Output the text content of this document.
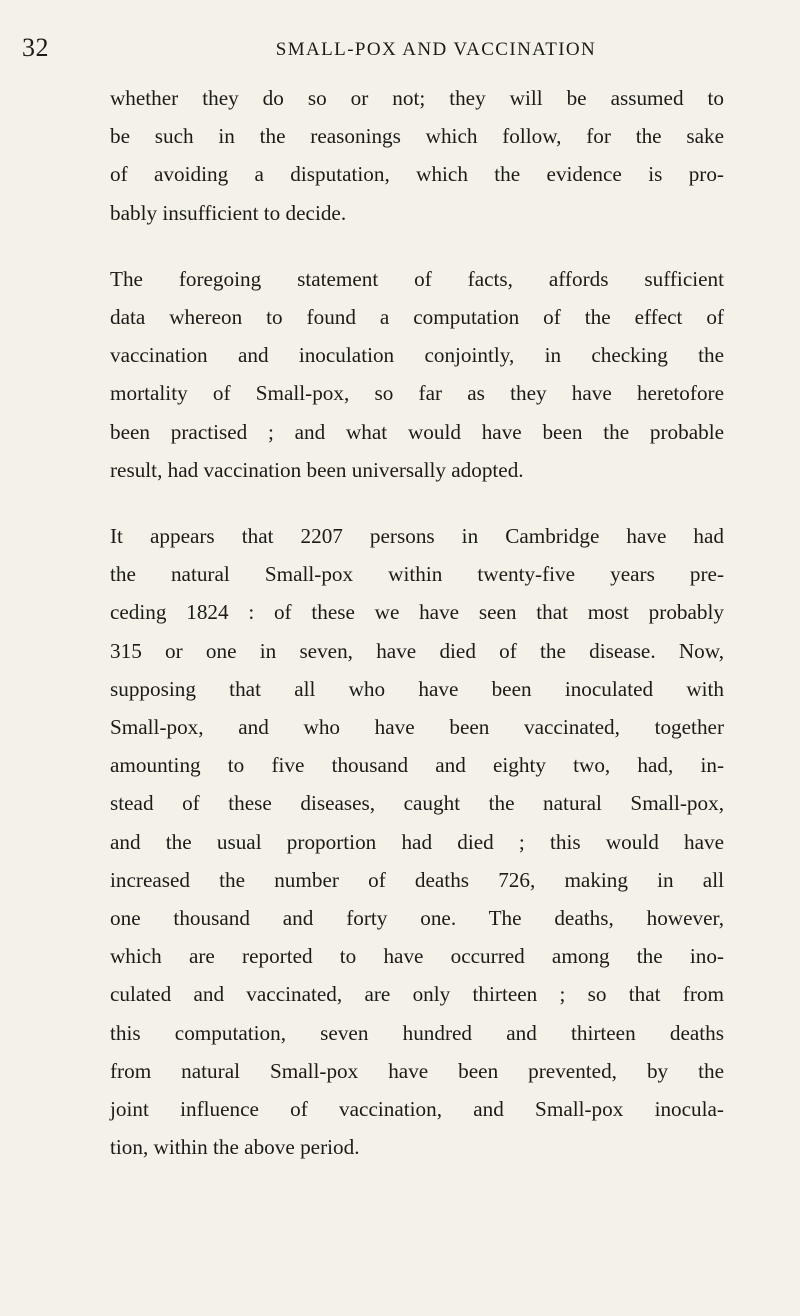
32	SMALL-POX AND VACCINATION

whether they do so or not; they will be assumed to
be such in the reasonings which follow, for the sake
of avoiding a disputation, which the evidence is pro-
bably insufficient to decide.

The foregoing statement of facts, affords sufficient
data whereon to found a computation of the effect of
vaccination and inoculation conjointly, in checking the
mortality of Small-pox, so far as they have heretofore
been practised ; and what would have been the probable
result, had vaccination been universally adopted.

It appears that 2207 persons in Cambridge have had
the natural Small-pox within twenty-five years pre-
ceding 1824 : of these we have seen that most probably
315 or one in seven, have died of the disease. Now,
supposing that all who have been inoculated with
Small-pox, and who have been vaccinated, together
amounting to five thousand and eighty two, had, in-
stead of these diseases, caught the natural Small-pox,
and the usual proportion had died ; this would have
increased the number of deaths 726, making in all
one thousand and forty one. The deaths, however,
which are reported to have occurred among the ino-
culated and vaccinated, are only thirteen ; so that from
this computation, seven hundred and thirteen deaths
from natural Small-pox have been prevented, by the
joint influence of vaccination, and Small-pox inocula-
tion, within the above period.
